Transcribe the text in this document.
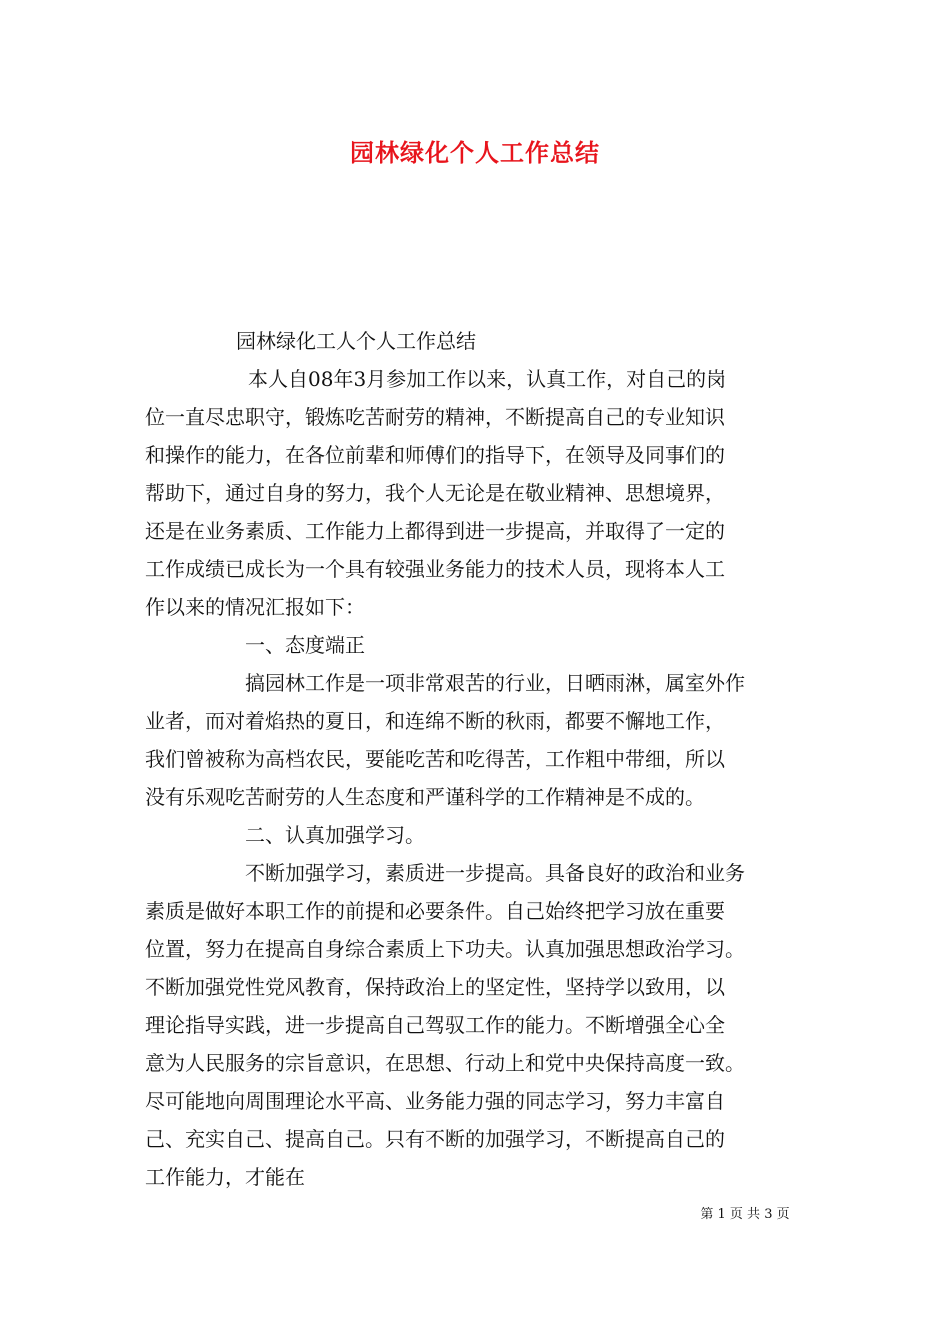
园林绿化个人工作总结

园林绿化工人个人工作总结

本人自08年3月参加工作以来，认真工作，对自己的岗

位一直尽忠职守，锻炼吃苦耐劳的精神，不断提高自己的专业知识

和操作的能力，在各位前辈和师傅们的指导下，在领导及同事们的

帮助下，通过自身的努力，我个人无论是在敬业精神、思想境界，

还是在业务素质、工作能力上都得到进一步提高，并取得了一定的

工作成绩已成长为一个具有较强业务能力的技术人员，现将本人工

作以来的情况汇报如下：

一、态度端正

搞园林工作是一项非常艰苦的行业，日晒雨淋，属室外作

业者，而对着焰热的夏日，和连绵不断的秋雨，都要不懈地工作，

我们曾被称为高档农民，要能吃苦和吃得苦，工作粗中带细，所以

没有乐观吃苦耐劳的人生态度和严谨科学的工作精神是不成的。

二、认真加强学习。

不断加强学习，素质进一步提高。具备良好的政治和业务

素质是做好本职工作的前提和必要条件。自己始终把学习放在重要

位置，努力在提高自身综合素质上下功夫。认真加强思想政治学习。

不断加强党性党风教育，保持政治上的坚定性，坚持学以致用，以

理论指导实践，进一步提高自己驾驭工作的能力。不断增强全心全

意为人民服务的宗旨意识，在思想、行动上和党中央保持高度一致。

尽可能地向周围理论水平高、业务能力强的同志学习，努力丰富自

己、充实自己、提高自己。只有不断的加强学习，不断提高自己的

工作能力，才能在

第 1 页 共 3 页
